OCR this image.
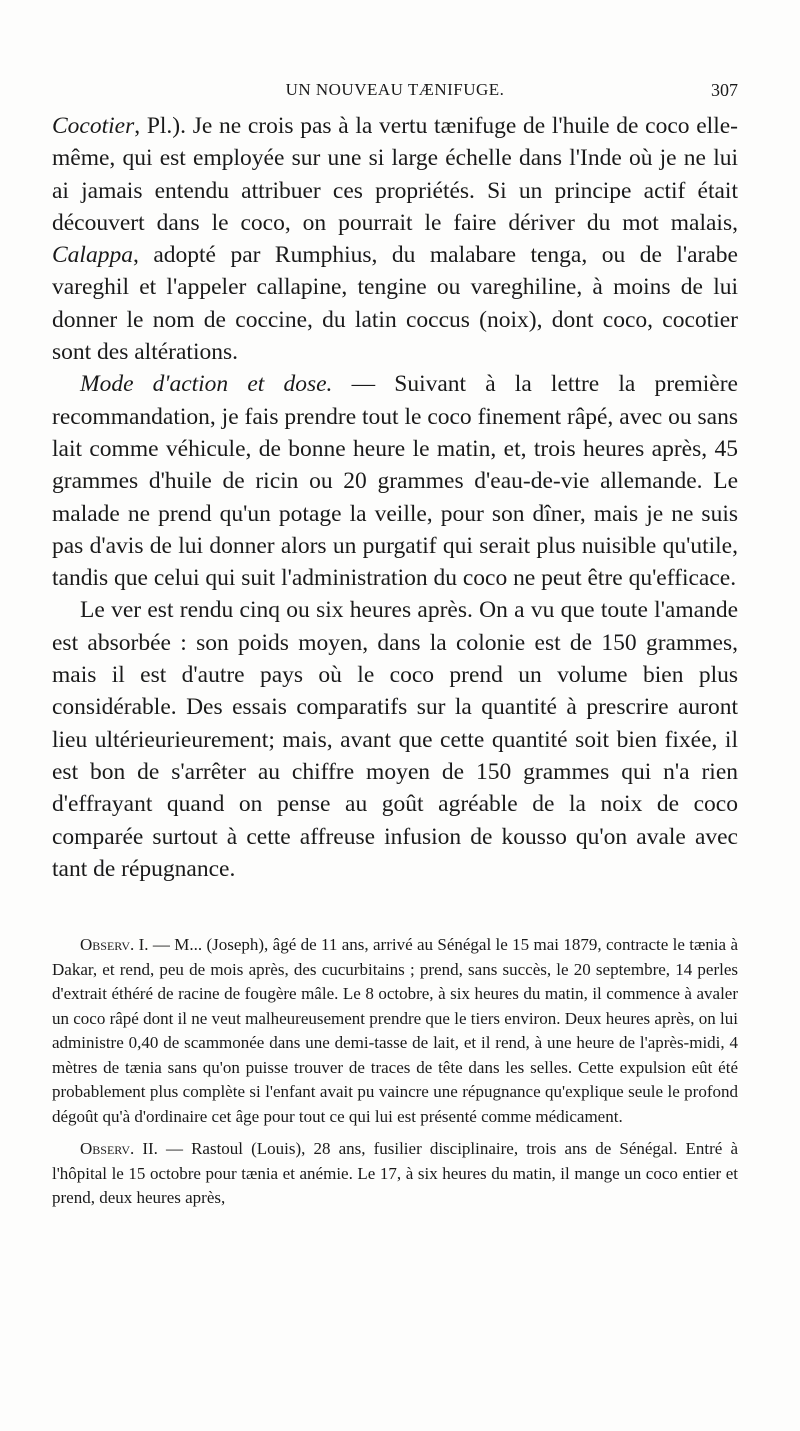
UN NOUVEAU TÆNIFUGE.	307

Cocotier, Pl.). Je ne crois pas à la vertu tænifuge de l'huile de coco elle-même, qui est employée sur une si large échelle dans l'Inde où je ne lui ai jamais entendu attribuer ces propriétés. Si un principe actif était découvert dans le coco, on pourrait le faire dériver du mot malais, Calappa, adopté par Rumphius, du malabare tenga, ou de l'arabe vareghil et l'appeler callapine, tengine ou vareghiline, à moins de lui donner le nom de coccine, du latin coccus (noix), dont coco, cocotier sont des altérations.

Mode d'action et dose. — Suivant à la lettre la première recommandation, je fais prendre tout le coco finement râpé, avec ou sans lait comme véhicule, de bonne heure le matin, et, trois heures après, 45 grammes d'huile de ricin ou 20 grammes d'eau-de-vie allemande. Le malade ne prend qu'un potage la veille, pour son dîner, mais je ne suis pas d'avis de lui donner alors un purgatif qui serait plus nuisible qu'utile, tandis que celui qui suit l'administration du coco ne peut être qu'efficace.

Le ver est rendu cinq ou six heures après. On a vu que toute l'amande est absorbée : son poids moyen, dans la colonie est de 150 grammes, mais il est d'autre pays où le coco prend un volume bien plus considérable. Des essais comparatifs sur la quantité à prescrire auront lieu ultérieurieurement; mais, avant que cette quantité soit bien fixée, il est bon de s'arrêter au chiffre moyen de 150 grammes qui n'a rien d'effrayant quand on pense au goût agréable de la noix de coco comparée surtout à cette affreuse infusion de kousso qu'on avale avec tant de répugnance.

Observ. I. — M... (Joseph), âgé de 11 ans, arrivé au Sénégal le 15 mai 1879, contracte le tænia à Dakar, et rend, peu de mois après, des cucurbitains ; prend, sans succès, le 20 septembre, 14 perles d'extrait éthéré de racine de fougère mâle. Le 8 octobre, à six heures du matin, il commence à avaler un coco râpé dont il ne veut malheureusement prendre que le tiers environ. Deux heures après, on lui administre 0,40 de scammonée dans une demi-tasse de lait, et il rend, à une heure de l'après-midi, 4 mètres de tænia sans qu'on puisse trouver de traces de tête dans les selles. Cette expulsion eût été probablement plus complète si l'enfant avait pu vaincre une répugnance qu'explique seule le profond dégoût qu'à d'ordinaire cet âge pour tout ce qui lui est présenté comme médicament.

Observ. II. — Rastoul (Louis), 28 ans, fusilier disciplinaire, trois ans de Sénégal. Entré à l'hôpital le 15 octobre pour tænia et anémie. Le 17, à six heures du matin, il mange un coco entier et prend, deux heures après,
